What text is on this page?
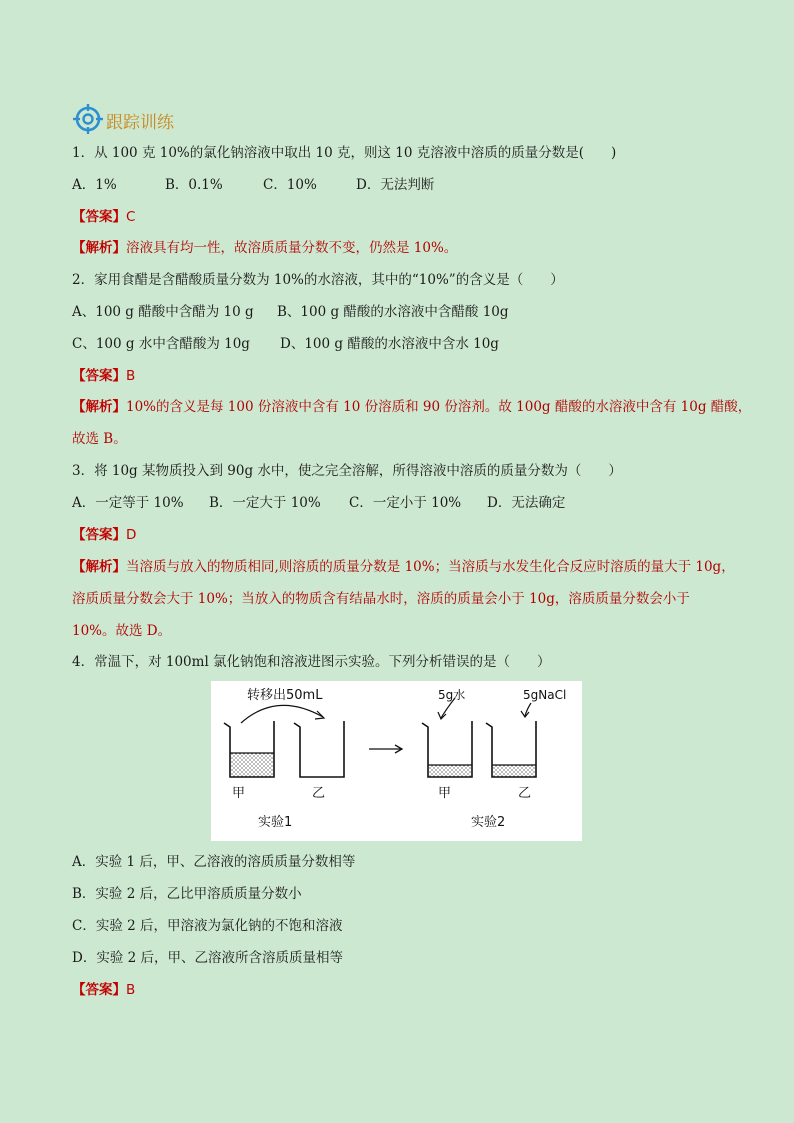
跟踪训练
1．从 100 克 10%的氯化钠溶液中取出 10 克，则这 10 克溶液中溶质的质量分数是(　　)
A．1%	B．0.1%	C．10%	D．无法判断
【答案】C
【解析】溶液具有均一性，故溶质质量分数不变，仍然是 10%。
2．家用食醋是含醋酸质量分数为 10%的水溶液，其中的“10%”的含义是（　　）
A、100 g 醋酸中含醋为 10 g	B、100 g 醋酸的水溶液中含醋酸 10g
C、100 g 水中含醋酸为 10g	D、100 g 醋酸的水溶液中含水 10g
【答案】B
【解析】10%的含义是每 100 份溶液中含有 10 份溶质和 90 份溶剂。故 100g 醋酸的水溶液中含有 10g 醋酸，
故选 B。
3．将 10g 某物质投入到 90g 水中，使之完全溶解，所得溶液中溶质的质量分数为（　　）
A．一定等于 10%	B．一定大于 10%	C．一定小于 10%	D．无法确定
【答案】D
【解析】当溶质与放入的物质相同,则溶质的质量分数是 10%；当溶质与水发生化合反应时溶质的量大于 10g，
溶质质量分数会大于 10%；当放入的物质含有结晶水时，溶质的质量会小于 10g，溶质质量分数会小于
10%。故选 D。
4．常温下，对 100ml 氯化钠饱和溶液进图示实验。下列分析错误的是（　　）
转移出50mL	5g水	5gNaCl
甲	乙	甲	乙
实验1	实验2
A．实验 1 后，甲、乙溶液的溶质质量分数相等
B．实验 2 后，乙比甲溶质质量分数小
C．实验 2 后，甲溶液为氯化钠的不饱和溶液
D．实验 2 后，甲、乙溶液所含溶质质量相等
【答案】B
